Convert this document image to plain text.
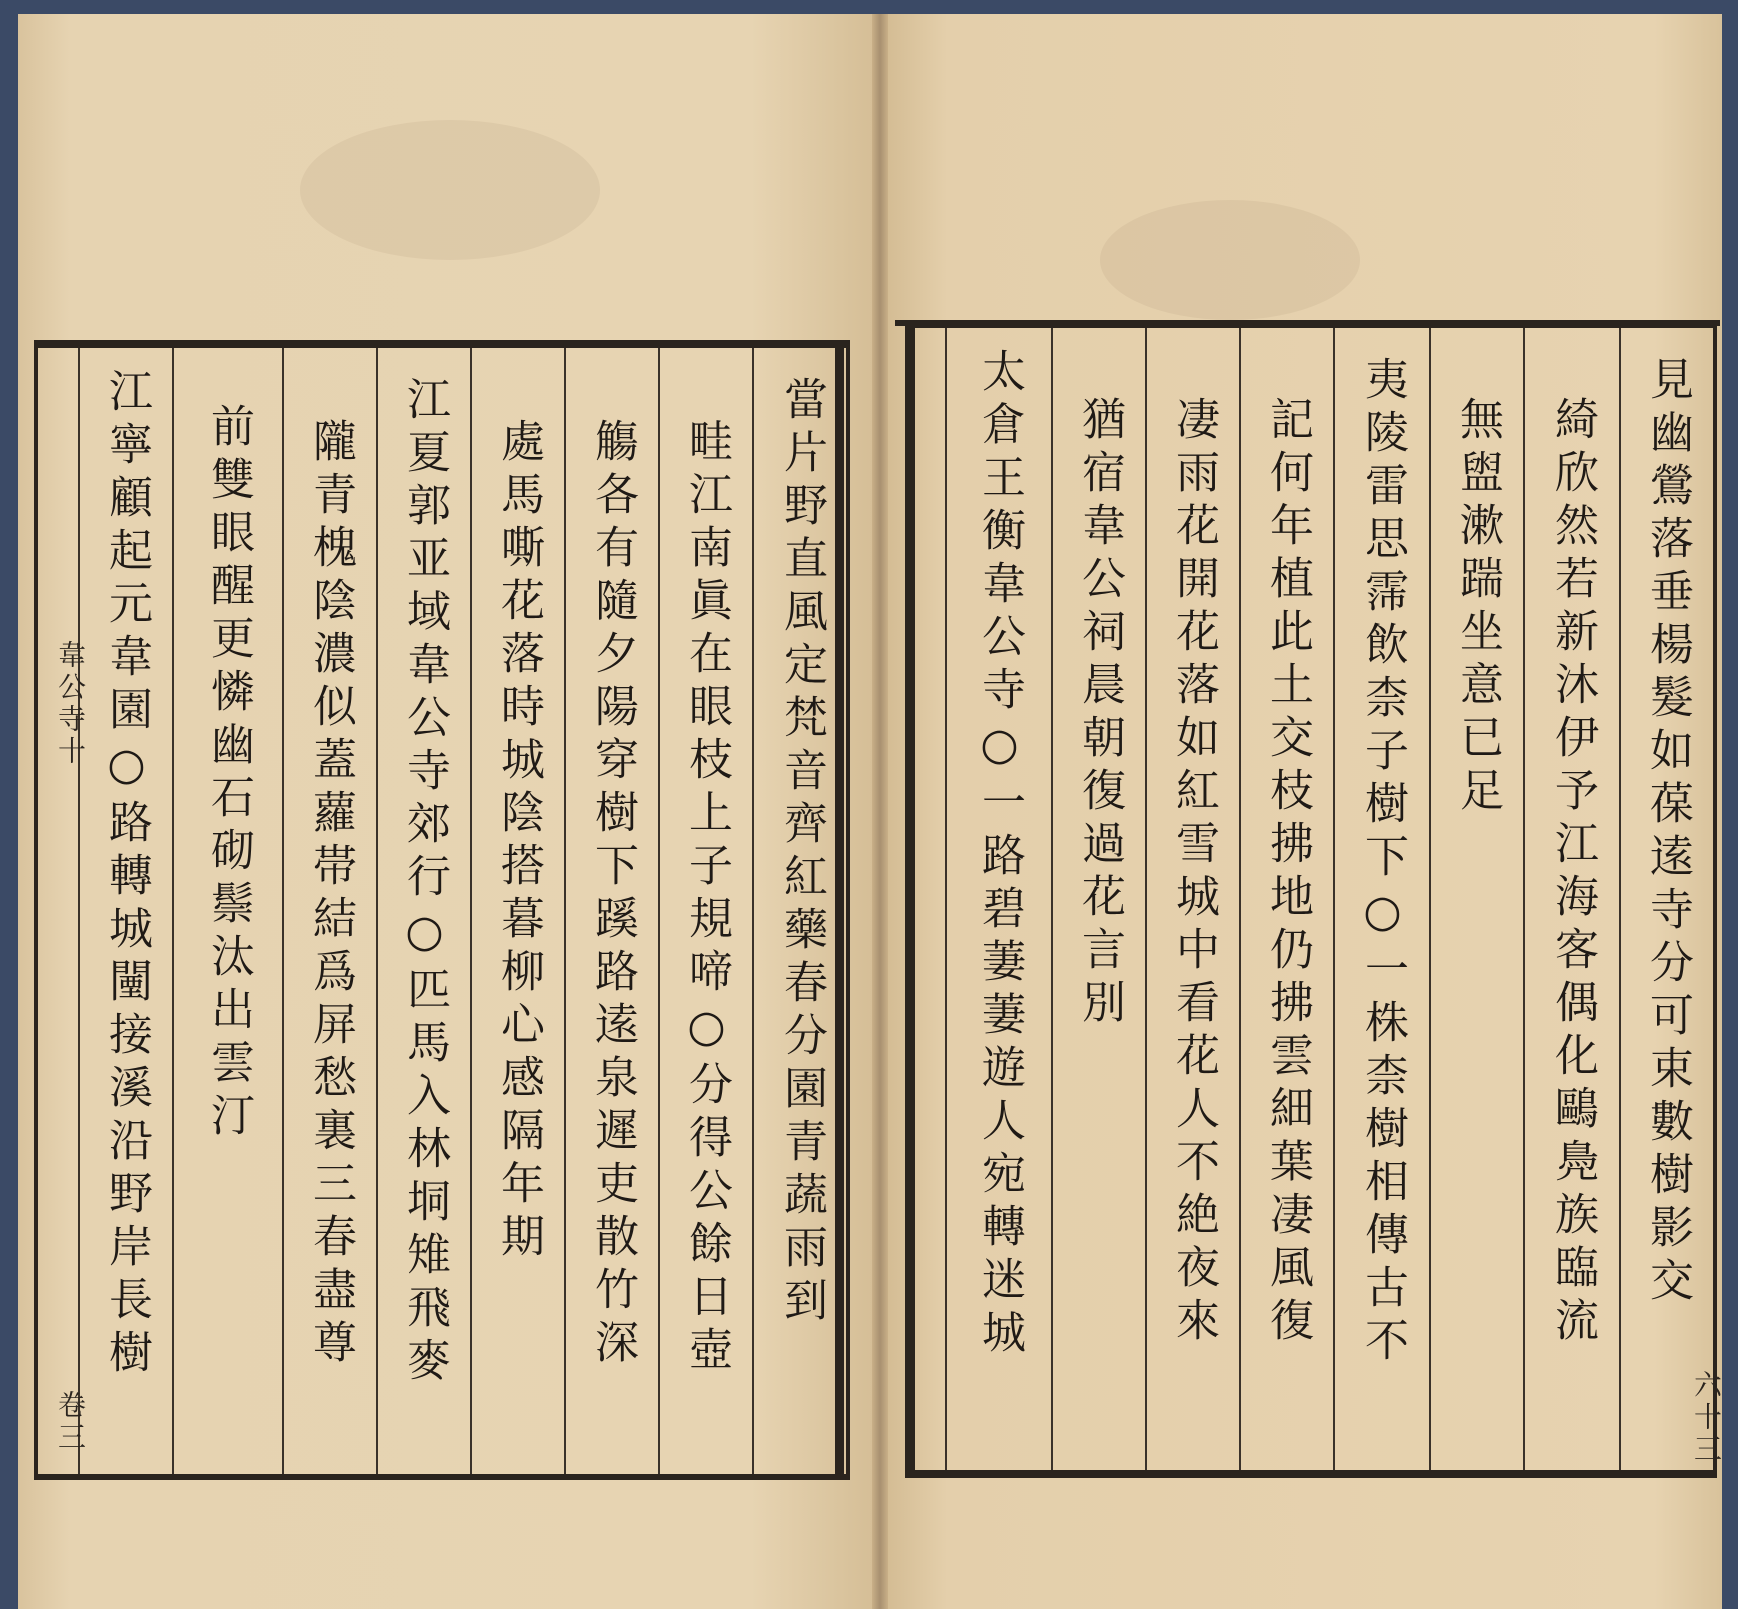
當片野直風定梵音齊紅藥春分園青蔬雨到
畦江南眞在眼枝上子規啼○分得公餘日壺
觴各有隨夕陽穿樹下蹊路逺泉遲吏散竹深
處馬嘶花落時城陰搭暮柳心感隔年期
江夏郭亚域韋公寺郊行○匹馬入林垌雉飛麥
隴青槐陰濃似蓋蘿帯結爲屏愁裏三春盡尊
前雙眼醒更憐幽石砌鬃汰出雲汀
江寧顧起元韋園○路轉城闉接溪沿野岸長樹
韋公寺十
卷三
見幽鶯落垂楊髮如葆逺寺分可束數樹影交
綺欣然若新沐伊予江海客偶化鷗鳧族臨流
無盥漱踹坐意已足
夷陵雷思霈飲柰子樹下○一株柰樹相傳古不
記何年植此土交枝拂地仍拂雲細葉凄風復
凄雨花開花落如紅雪城中看花人不絶夜來
猶宿韋公祠晨朝復過花言別
太倉王衡韋公寺○一路碧萋萋遊人宛轉迷城
六十三
